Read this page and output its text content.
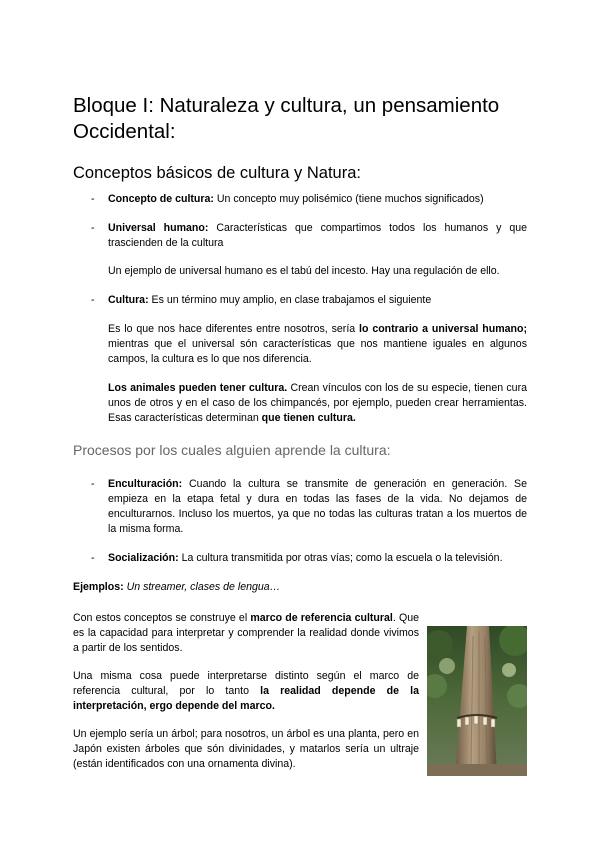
Bloque I: Naturaleza y cultura, un pensamiento Occidental:
Conceptos básicos de cultura y Natura:
- Concepto de cultura: Un concepto muy polisémico (tiene muchos significados)
- Universal humano: Características que compartimos todos los humanos y que trascienden de la cultura
Un ejemplo de universal humano es el tabú del incesto. Hay una regulación de ello.
- Cultura: Es un término muy amplio, en clase trabajamos el siguiente
Es lo que nos hace diferentes entre nosotros, sería lo contrario a universal humano; mientras que el universal són características que nos mantiene iguales en algunos campos, la cultura es lo que nos diferencia.
Los animales pueden tener cultura. Crean vínculos con los de su especie, tienen cura unos de otros y en el caso de los chimpancés, por ejemplo, pueden crear herramientas. Esas características determinan que tienen cultura.
Procesos por los cuales alguien aprende la cultura:
- Enculturación: Cuando la cultura se transmite de generación en generación. Se empieza en la etapa fetal y dura en todas las fases de la vida. No dejamos de enculturarnos. Incluso los muertos, ya que no todas las culturas tratan a los muertos de la misma forma.
- Socialización: La cultura transmitida por otras vías; como la escuela o la televisión.
Ejemplos: Un streamer, clases de lengua…
Con estos conceptos se construye el marco de referencia cultural. Que es la capacidad para interpretar y comprender la realidad donde vivimos a partir de los sentidos.
Una misma cosa puede interpretarse distinto según el marco de referencia cultural, por lo tanto la realidad depende de la interpretación, ergo depende del marco.
Un ejemplo sería un árbol; para nosotros, un árbol es una planta, pero en Japón existen árboles que són divinidades, y matarlos sería un ultraje (están identificados con una ornamenta divina).
